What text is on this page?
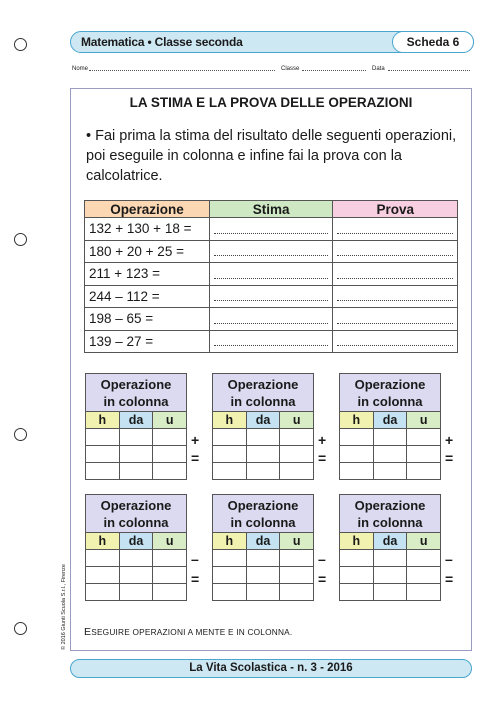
Matematica • Classe seconda	Scheda 6
Nome	Classe	Data
LA STIMA E LA PROVA DELLE OPERAZIONI
• Fai prima la stima del risultato delle seguenti operazioni, poi eseguile in colonna e infine fai la prova con la calcolatrice.
Operazione	Stima	Prova
132 + 130 + 18 =	

180 + 20 + 25 =	

211 + 123 =	

244 – 112 =	

198 – 65 =	

139 – 27 =	

Operazione
in colonna
h	da	u

+
=
Operazione
in colonna
h	da	u

+
=
Operazione
in colonna
h	da	u

+
=
Operazione
in colonna
h	da	u

–
=
Operazione
in colonna
h	da	u

–
=
Operazione
in colonna
h	da	u

–
=
ESEGUIRE OPERAZIONI A MENTE E IN COLONNA.
© 2016 Giunti Scuola S.r.l., Firenze
La Vita Scolastica - n. 3 - 2016
